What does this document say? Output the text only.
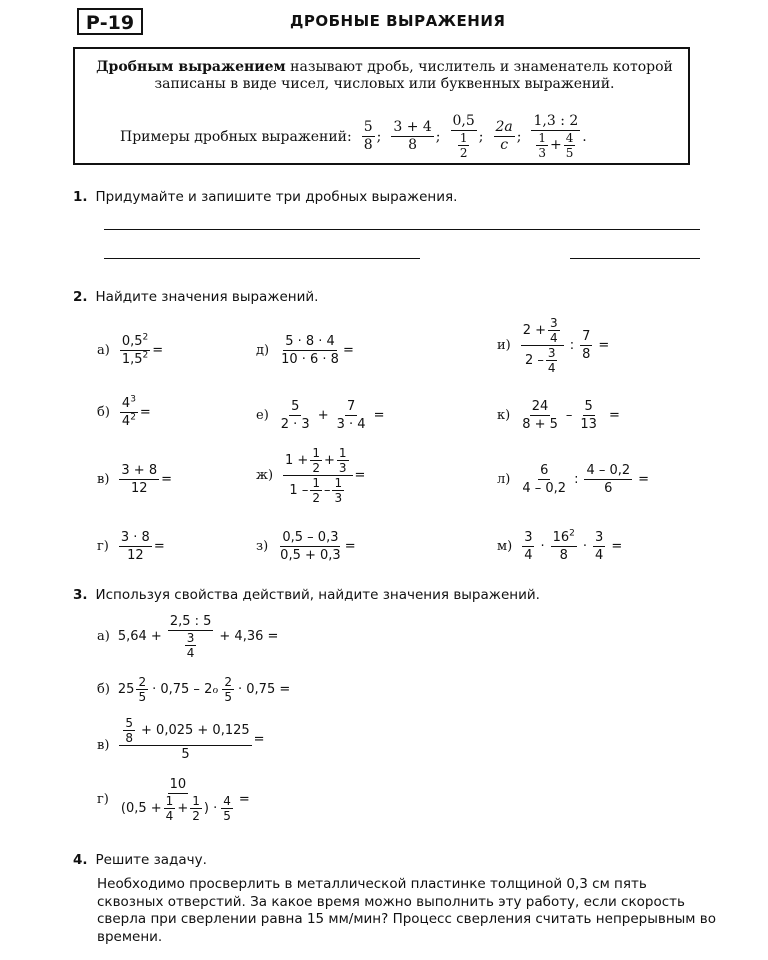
Р-19	ДРОБНЫЕ ВЫРАЖЕНИЯ
Дробным выражением называют дробь, числитель и знаменатель которой записаны в виде чисел, числовых или буквенных выражений.
Примеры дробных выражений: $\frac{5}{8}$ ; $\frac{3 + 4}{8}$ ; $\frac{0,5}{\frac{1}{2}}$ ; $\frac{2a}{c}$ ; $\frac{1,3 : 2}{\frac{1}{3} + \frac{4}{5}}$ .
1. Придумайте и запишите три дробных выражения.
2. Найдите значения выражений.
$а) \frac{0,5^2}{1,5^2}$ =
$б) \frac{4^3}{4^2}$ =
$в) \frac{3 + 8}{12}$ =
$г) \frac{3 \cdot 8}{12}$ =
$д) \frac{5 \cdot 8 \cdot 4}{10 \cdot 6 \cdot 8}$ =
$е) \frac{5}{2 \cdot 3} + \frac{7}{3 \cdot 4}$ =
$ж) \frac{1 + \frac{1}{2} + \frac{1}{3}}{1 - \frac{1}{2} - \frac{1}{3}}$ =
$з) \frac{0,5 - 0,3}{0,5 + 0,3}$ =
$и) \frac{2 + \frac{3}{4}}{2 - \frac{3}{4}}$ : $\frac{7}{8}$ =
$к) \frac{24}{8 + 5} - \frac{5}{13}$ =
$л) \frac{6}{4 - 0,2}$ : $\frac{4 - 0,2}{6}$ =
$м) \frac{3}{4} \cdot \frac{16^2}{8} \cdot \frac{3}{4}$ =
3. Используя свойства действий, найдите значения выражений.
а) $5,64 + \frac{2,5 : 5}{\frac{3}{4}} + 4,36$ =
б) $25 \frac{2}{5} \cdot 0,75$ – 2ℴ $\frac{2}{5} \cdot 0,75$ =
$в) \frac{\frac{5}{8} + 0,025 + 0,125}{5}$ =
$г) \frac{10}{(0,5 + \frac{1}{4} + \frac{1}{2} ) \cdot \frac{4}{5}}$ =
4. Решите задачу.
Необходимо просверлить в металлической пластинке толщиной 0,3 см пять сквозных отверстий. За какое время можно выполнить эту работу, если скорость сверла при сверлении равна 15 мм/мин? Процесс сверления считать непрерывным во времени.
